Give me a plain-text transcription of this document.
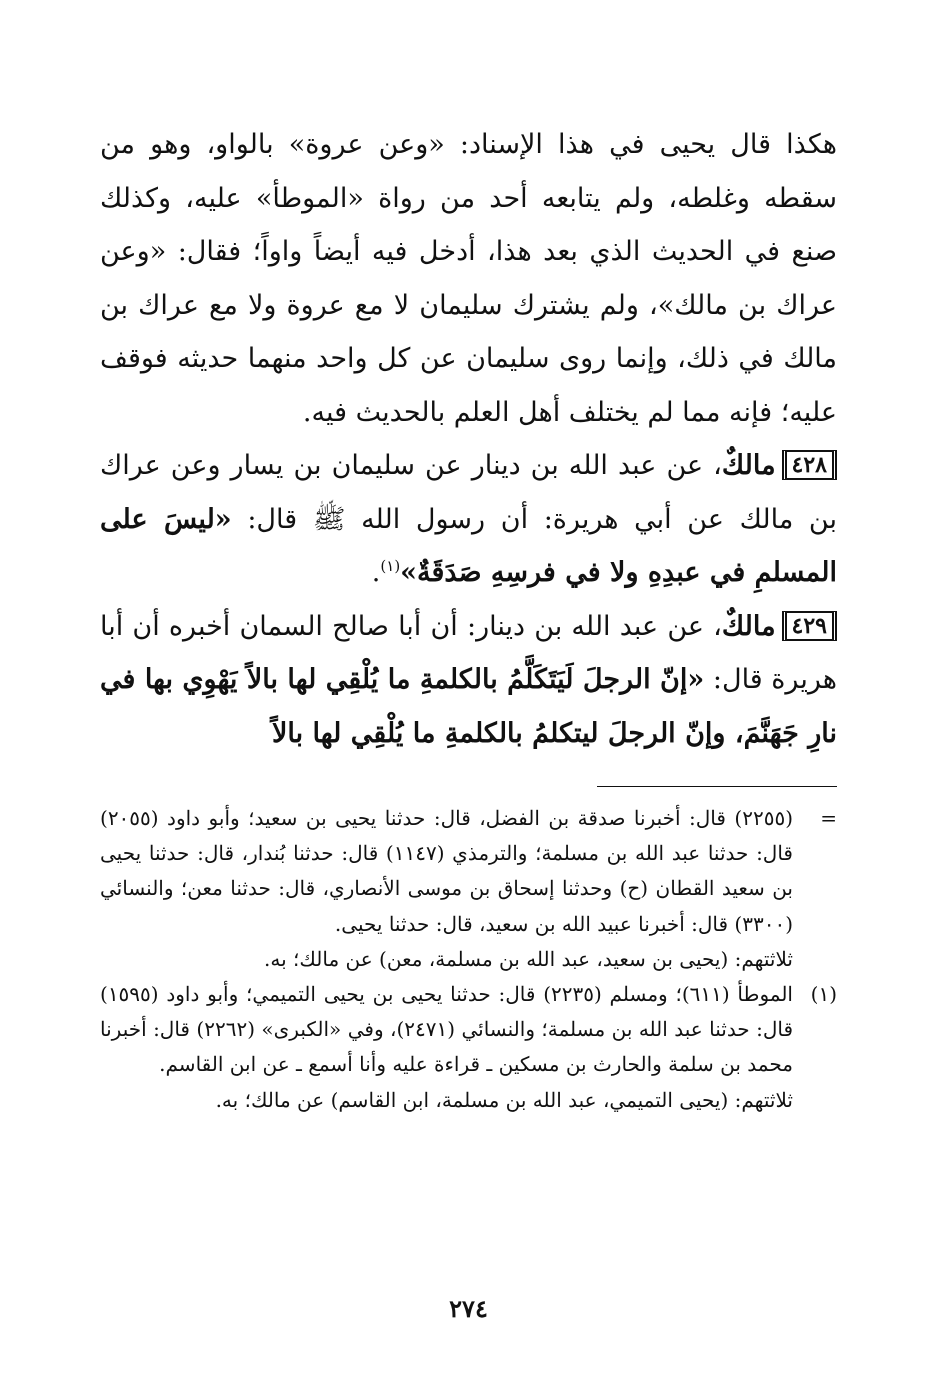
هكذا قال يحيى في هذا الإسناد: «وعن عروة» بالواو، وهو من سقطه وغلطه، ولم يتابعه أحد من رواة «الموطأ» عليه، وكذلك صنع في الحديث الذي بعد هذا، أدخل فيه أيضاً واواً؛ فقال: «وعن عراك بن مالك»، ولم يشترك سليمان لا مع عروة ولا مع عراك بن مالك في ذلك، وإنما روى سليمان عن كل واحد منهما حديثه فوقف عليه؛ فإنه مما لم يختلف أهل العلم بالحديث فيه.

٤٢٨مالكٌ، عن عبد الله بن دينار عن سليمان بن يسار وعن عراك بن مالك عن أبي هريرة: أن رسول الله ﷺ قال: «ليسَ على المسلمِ في عبدِهِ ولا في فرسِهِ صَدَقَةٌ»$^{(١)}$.

٤٢٩مالكٌ، عن عبد الله بن دينار: أن أبا صالح السمان أخبره أن أبا هريرة قال: «إنّ الرجلَ لَيَتَكَلَّمُ بالكلمةِ ما يُلْقِي لها بالاً يَهْوِي بها في نارِ جَهَنَّمَ، وإنّ الرجلَ ليتكلمُ بالكلمةِ ما يُلْقِي لها بالاً

=

(٢٢٥٥) قال: أخبرنا صدقة بن الفضل، قال: حدثنا يحيى بن سعيد؛ وأبو داود (٢٠٥٥) قال: حدثنا عبد الله بن مسلمة؛ والترمذي (١١٤٧) قال: حدثنا بُندار، قال: حدثنا يحيى بن سعيد القطان (ح) وحدثنا إسحاق بن موسى الأنصاري، قال: حدثنا معن؛ والنسائي (٣٣٠٠) قال: أخبرنا عبيد الله بن سعيد، قال: حدثنا يحيى.

ثلاثتهم: (يحيى بن سعيد، عبد الله بن مسلمة، معن) عن مالك؛ به.

(١)

الموطأ (٦١١)؛ ومسلم (٢٢٣٥) قال: حدثنا يحيى بن يحيى التميمي؛ وأبو داود (١٥٩٥) قال: حدثنا عبد الله بن مسلمة؛ والنسائي (٢٤٧١)، وفي «الكبرى» (٢٢٦٢) قال: أخبرنا محمد بن سلمة والحارث بن مسكين ـ قراءة عليه وأنا أسمع ـ عن ابن القاسم.

ثلاثتهم: (يحيى التميمي، عبد الله بن مسلمة، ابن القاسم) عن مالك؛ به.

٢٧٤
